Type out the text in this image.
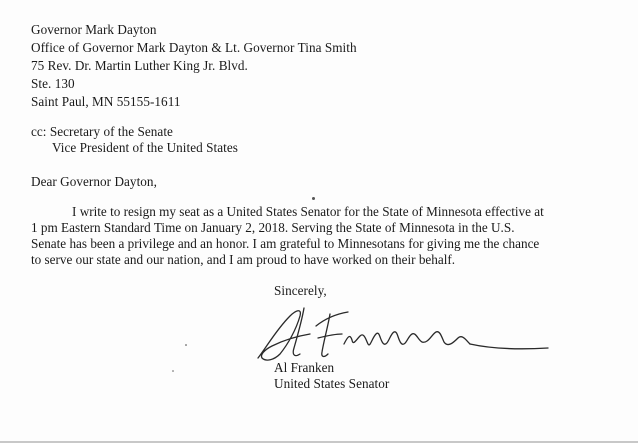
Governor Mark Dayton
Office of Governor Mark Dayton & Lt. Governor Tina Smith
75 Rev. Dr. Martin Luther King Jr. Blvd.
Ste. 130
Saint Paul, MN 55155-1611
cc: Secretary of the Senate
Vice President of the United States
Dear Governor Dayton,
I write to resign my seat as a United States Senator for the State of Minnesota effective at
1 pm Eastern Standard Time on January 2, 2018. Serving the State of Minnesota in the U.S.
Senate has been a privilege and an honor. I am grateful to Minnesotans for giving me the chance
to serve our state and our nation, and I am proud to have worked on their behalf.
Sincerely,
Al Franken
United States Senator
